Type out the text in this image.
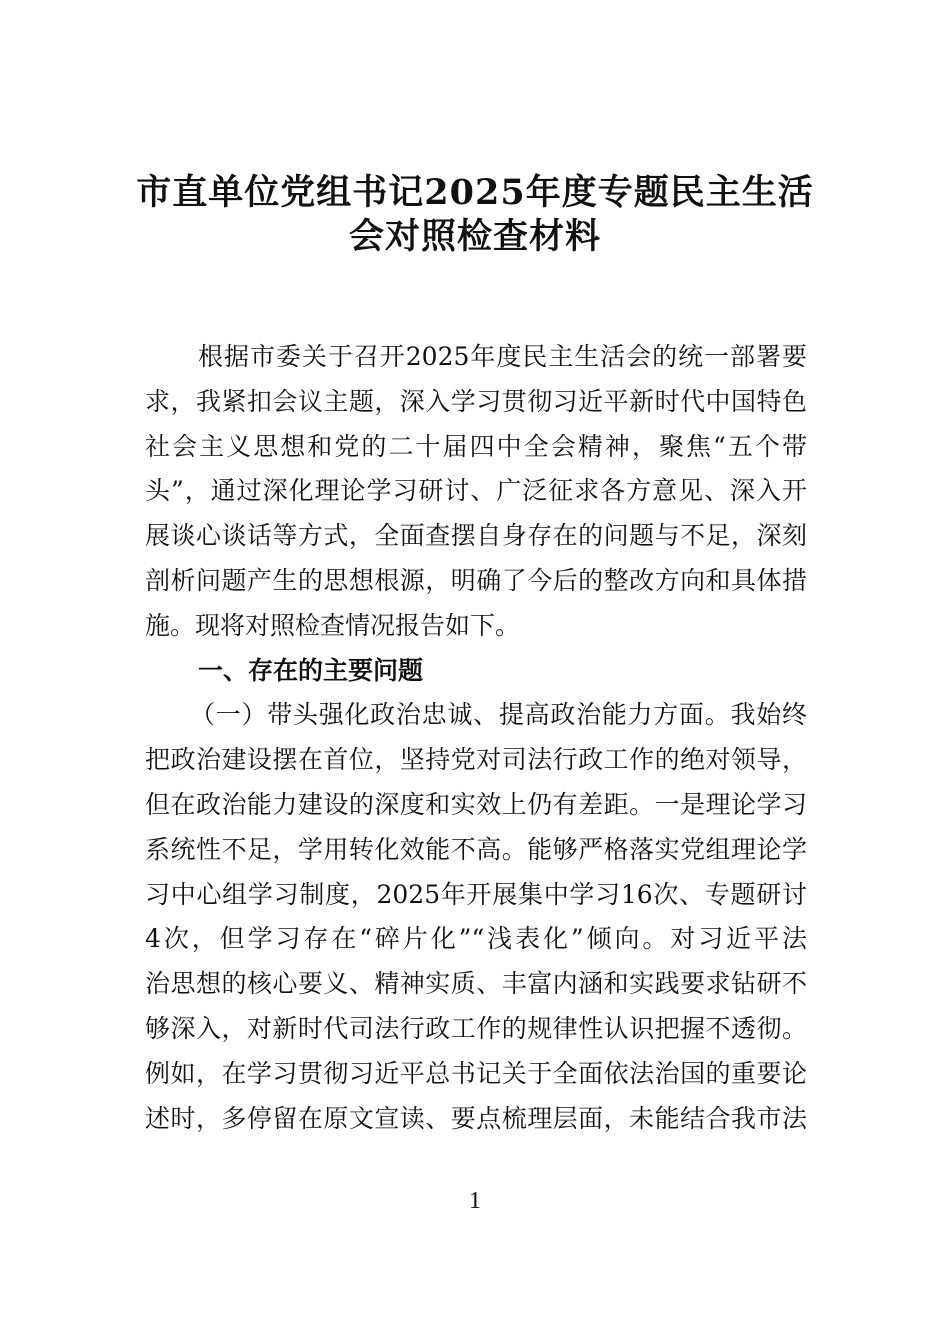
市直单位党组书记2025年度专题民主生活
会对照检查材料
根据市委关于召开2025年度民主生活会的统一部署要
求，我紧扣会议主题，深入学习贯彻习近平新时代中国特色
社会主义思想和党的二十届四中全会精神，聚焦“五个带
头”，通过深化理论学习研讨、广泛征求各方意见、深入开
展谈心谈话等方式，全面查摆自身存在的问题与不足，深刻
剖析问题产生的思想根源，明确了今后的整改方向和具体措
施。现将对照检查情况报告如下。
一、存在的主要问题
（一）带头强化政治忠诚、提高政治能力方面。我始终
把政治建设摆在首位，坚持党对司法行政工作的绝对领导，
但在政治能力建设的深度和实效上仍有差距。一是理论学习
系统性不足，学用转化效能不高。能够严格落实党组理论学
习中心组学习制度，2025年开展集中学习16次、专题研讨
4次，但学习存在“碎片化”“浅表化”倾向。对习近平法
治思想的核心要义、精神实质、丰富内涵和实践要求钻研不
够深入，对新时代司法行政工作的规律性认识把握不透彻。
例如，在学习贯彻习近平总书记关于全面依法治国的重要论
述时，多停留在原文宣读、要点梳理层面，未能结合我市法
1
